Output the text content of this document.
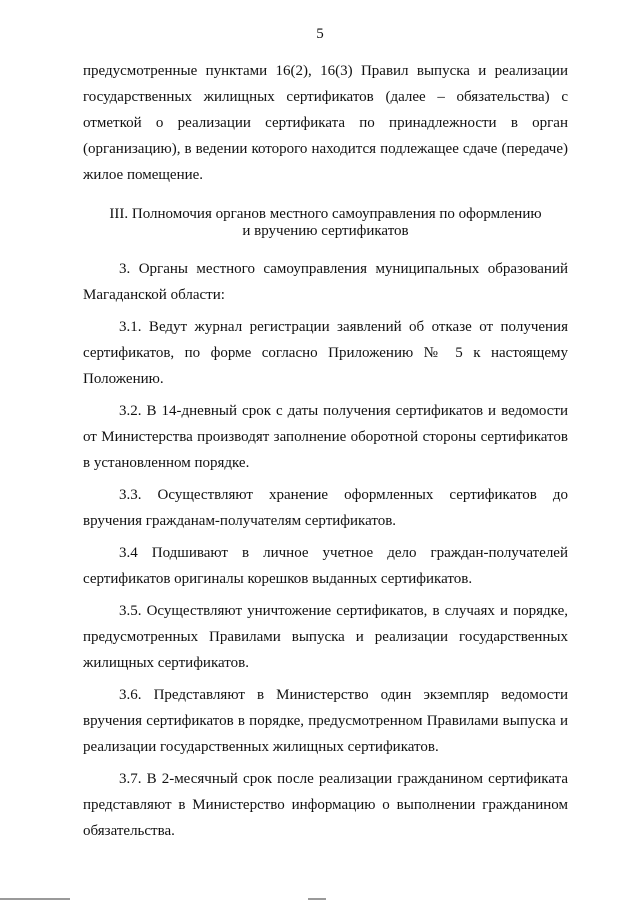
5

предусмотренные пунктами 16(2), 16(3) Правил выпуска и реализации государственных жилищных сертификатов (далее – обязательства) с отметкой о реализации сертификата по принадлежности в орган (организацию), в ведении которого находится подлежащее сдаче (передаче) жилое помещение.

III. Полномочия органов местного самоуправления по оформлению
и вручению сертификатов

3. Органы местного самоуправления муниципальных образований Магаданской области:

3.1. Ведут журнал регистрации заявлений об отказе от получения сертификатов, по форме согласно Приложению № 5 к настоящему Положению.

3.2. В 14-дневный срок с даты получения сертификатов и ведомости от Министерства производят заполнение оборотной стороны сертификатов в установленном порядке.

3.3. Осуществляют хранение оформленных сертификатов до вручения гражданам-получателям сертификатов.

3.4 Подшивают в личное учетное дело граждан-получателей сертификатов оригиналы корешков выданных сертификатов.

3.5. Осуществляют уничтожение сертификатов, в случаях и порядке, предусмотренных Правилами выпуска и реализации государственных жилищных сертификатов.

3.6. Представляют в Министерство один экземпляр ведомости вручения сертификатов в порядке, предусмотренном Правилами выпуска и реализации государственных жилищных сертификатов.

3.7. В 2-месячный срок после реализации гражданином сертификата представляют в Министерство информацию о выполнении гражданином обязательства.
